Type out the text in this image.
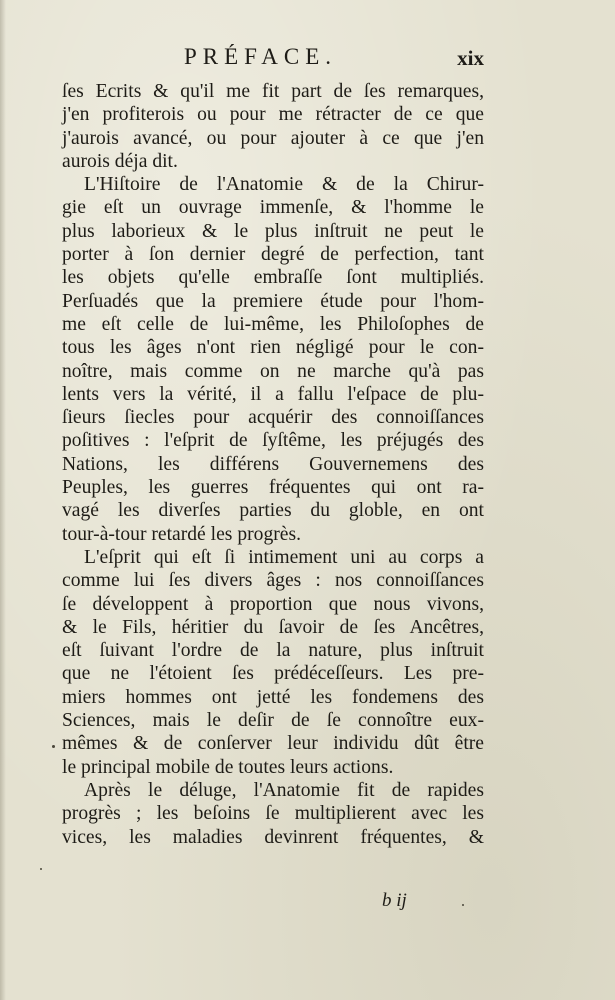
PRÉFACE.	xix
ſes Ecrits & qu'il me fit part de ſes remarques,
j'en profiterois ou pour me rétracter de ce que
j'aurois avancé, ou pour ajouter à ce que j'en
aurois déja dit.
L'Hiſtoire de l'Anatomie & de la Chirur-
gie eſt un ouvrage immenſe, & l'homme le
plus laborieux & le plus inſtruit ne peut le
porter à ſon dernier degré de perfection, tant
les objets qu'elle embraſſe ſont multipliés.
Perſuadés que la premiere étude pour l'hom-
me eſt celle de lui-même, les Philoſophes de
tous les âges n'ont rien négligé pour le con-
noître, mais comme on ne marche qu'à pas
lents vers la vérité, il a fallu l'eſpace de plu-
ſieurs ſiecles pour acquérir des connoiſſances
poſitives : l'eſprit de ſyſtême, les préjugés des
Nations, les différens Gouvernemens des
Peuples, les guerres fréquentes qui ont ra-
vagé les diverſes parties du globle, en ont
tour-à-tour retardé les progrès.
L'eſprit qui eſt ſi intimement uni au corps a
comme lui ſes divers âges : nos connoiſſances
ſe développent à proportion que nous vivons,
& le Fils, héritier du ſavoir de ſes Ancêtres,
eſt ſuivant l'ordre de la nature, plus inſtruit
que ne l'étoient ſes prédéceſſeurs. Les pre-
miers hommes ont jetté les fondemens des
Sciences, mais le deſir de ſe connoître eux-
mêmes & de conſerver leur individu dût être
le principal mobile de toutes leurs actions.
Après le déluge, l'Anatomie fit de rapides
progrès ; les beſoins ſe multiplierent avec les
vices, les maladies devinrent fréquentes, &
b ij
